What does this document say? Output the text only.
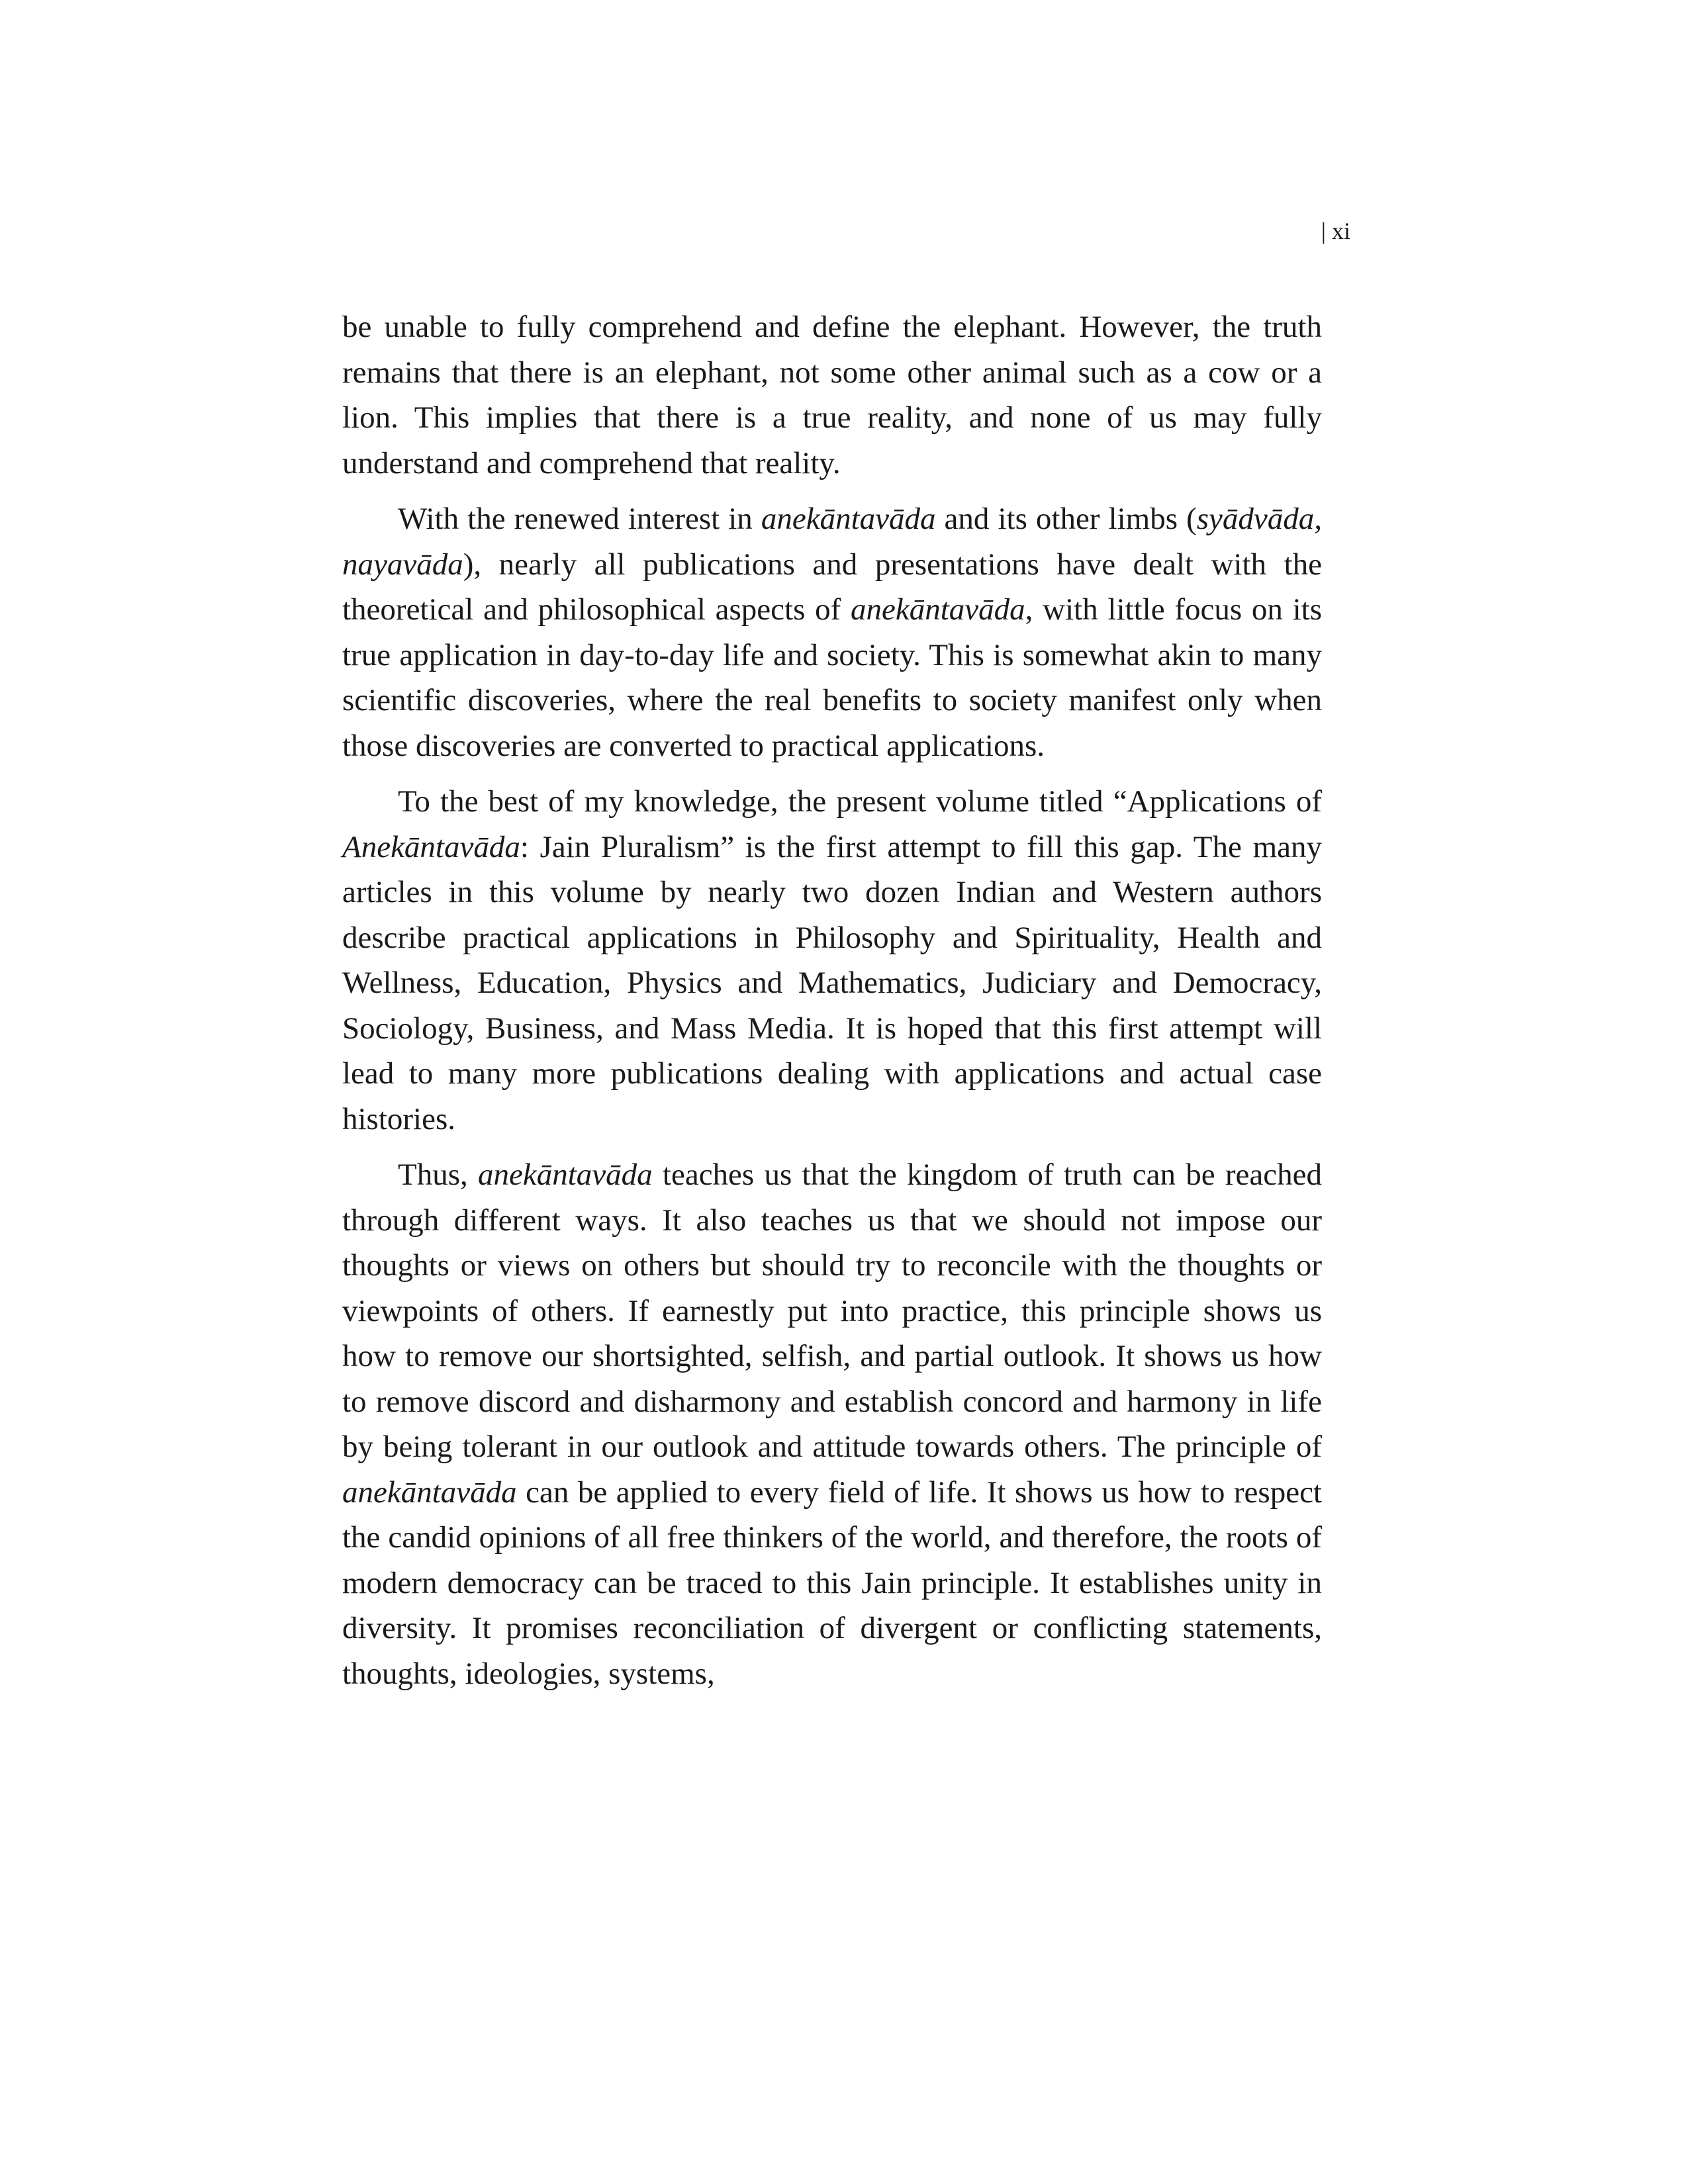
| xi

be unable to fully comprehend and define the elephant. However, the truth remains that there is an elephant, not some other animal such as a cow or a lion. This implies that there is a true reality, and none of us may fully understand and comprehend that reality.

With the renewed interest in anekāntavāda and its other limbs (syādvāda, nayavāda), nearly all publications and presentations have dealt with the theoretical and philosophical aspects of anekāntavāda, with little focus on its true application in day-to-day life and society. This is somewhat akin to many scientific discoveries, where the real benefits to society manifest only when those discoveries are converted to practical applications.

To the best of my knowledge, the present volume titled “Applications of Anekāntavāda: Jain Pluralism” is the first attempt to fill this gap. The many articles in this volume by nearly two dozen Indian and Western authors describe practical applications in Philosophy and Spirituality, Health and Wellness, Education, Physics and Mathematics, Judiciary and Democracy, Sociology, Business, and Mass Media. It is hoped that this first attempt will lead to many more publications dealing with applications and actual case histories.

Thus, anekāntavāda teaches us that the kingdom of truth can be reached through different ways. It also teaches us that we should not impose our thoughts or views on others but should try to reconcile with the thoughts or viewpoints of others. If earnestly put into practice, this principle shows us how to remove our shortsighted, selfish, and partial outlook. It shows us how to remove discord and disharmony and establish concord and harmony in life by being tolerant in our outlook and attitude towards others. The principle of anekāntavāda can be applied to every field of life. It shows us how to respect the candid opinions of all free thinkers of the world, and therefore, the roots of modern democracy can be traced to this Jain principle. It establishes unity in diversity. It promises reconciliation of divergent or conflicting statements, thoughts, ideologies, systems,
